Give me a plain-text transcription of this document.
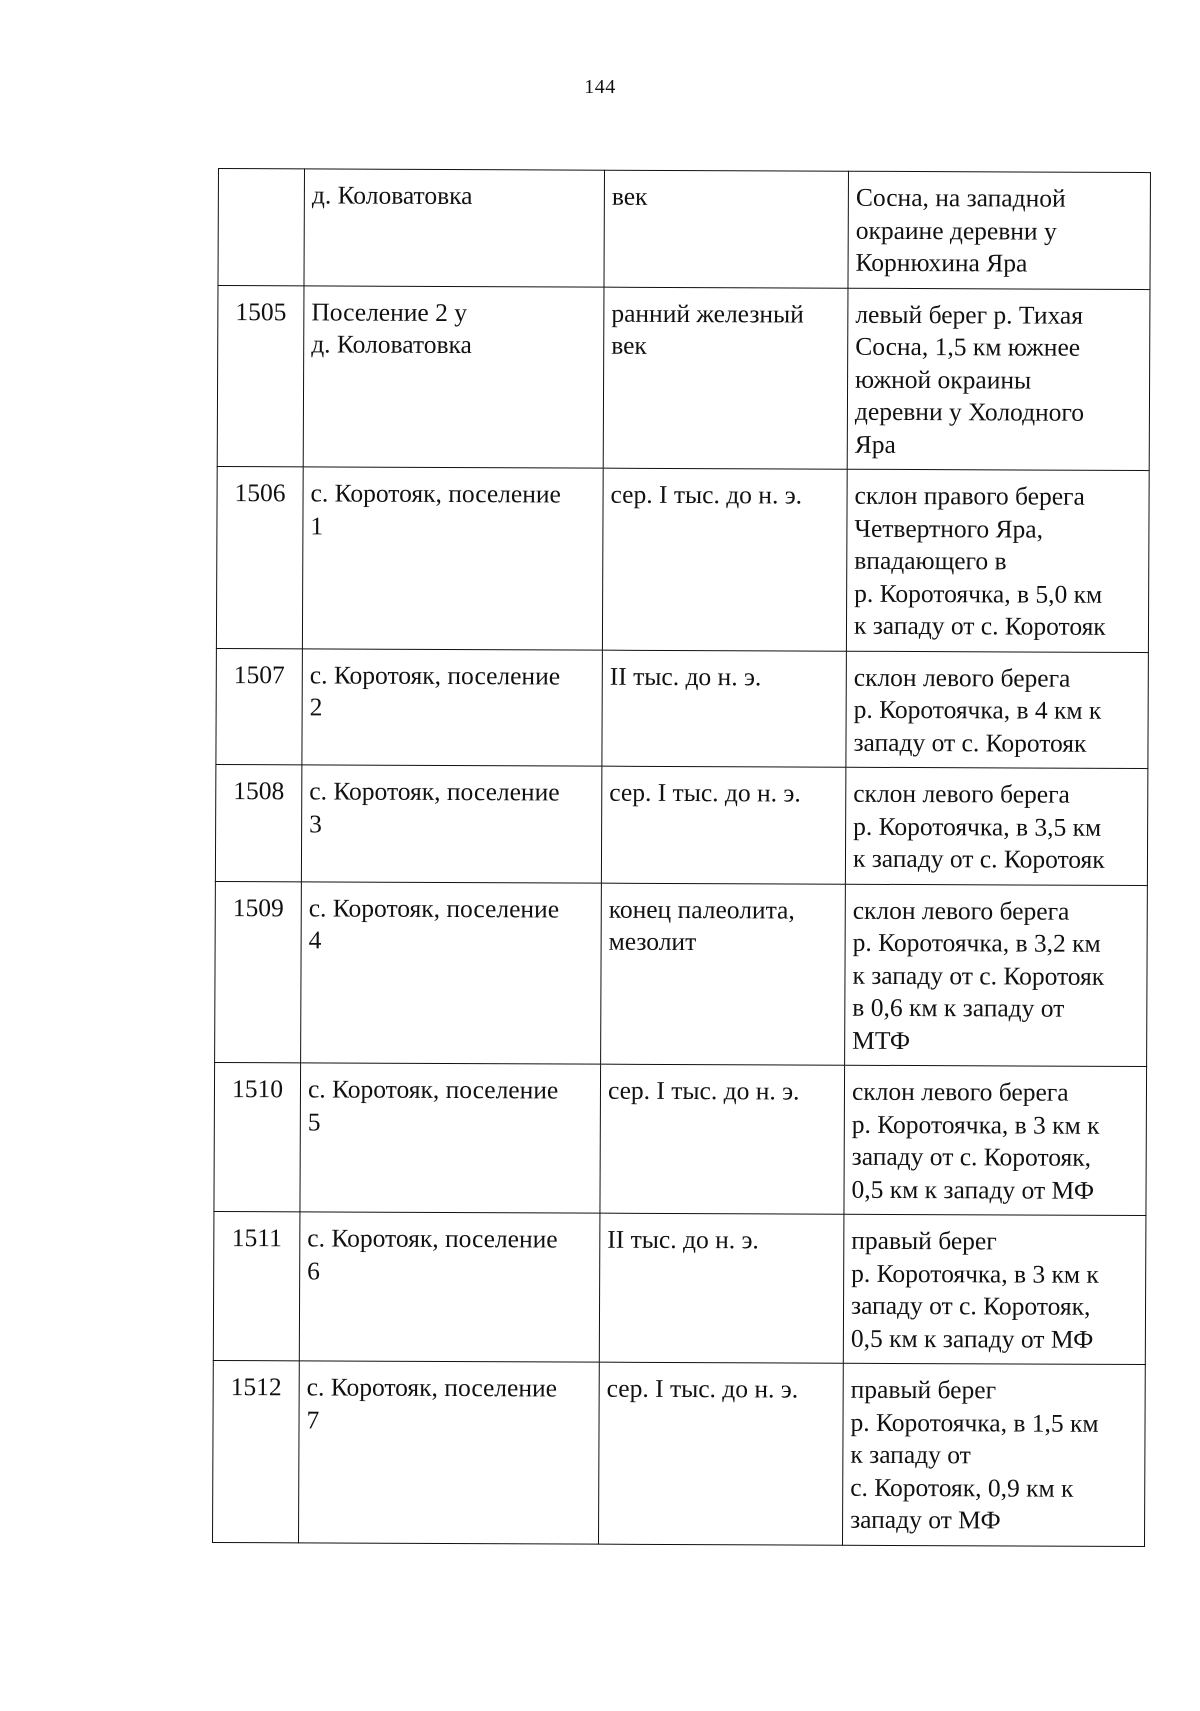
144

	д. Коловатовка	век	Сосна, на западной
окраине деревни у
Корнюхина Яра

1505	Поселение 2 у
д. Коловатовка	ранний железный
век	левый берег р. Тихая
Сосна, 1,5 км южнее
южной окраины
деревни у Холодного
Яра

1506	с. Коротояк, поселение
1	сер. I тыс. до н. э.	склон правого берега
Четвертного Яра,
впадающего в
р. Коротоячка, в 5,0 км
к западу от с. Коротояк

1507	с. Коротояк, поселение
2	II тыс. до н. э.	склон левого берега
р. Коротоячка, в 4 км к
западу от с. Коротояк

1508	с. Коротояк, поселение
3	сер. I тыс. до н. э.	склон левого берега
р. Коротоячка, в 3,5 км
к западу от с. Коротояк

1509	с. Коротояк, поселение
4	конец палеолита,
мезолит	склон левого берега
р. Коротоячка, в 3,2 км
к западу от с. Коротояк
в 0,6 км к западу от
МТФ

1510	с. Коротояк, поселение
5	сер. I тыс. до н. э.	склон левого берега
р. Коротоячка, в 3 км к
западу от с. Коротояк,
0,5 км к западу от МФ

1511	с. Коротояк, поселение
6	II тыс. до н. э.	правый берег
р. Коротоячка, в 3 км к
западу от с. Коротояк,
0,5 км к западу от МФ

1512	с. Коротояк, поселение
7	сер. I тыс. до н. э.	правый берег
р. Коротоячка, в 1,5 км
к западу от
с. Коротояк, 0,9 км к
западу от МФ
